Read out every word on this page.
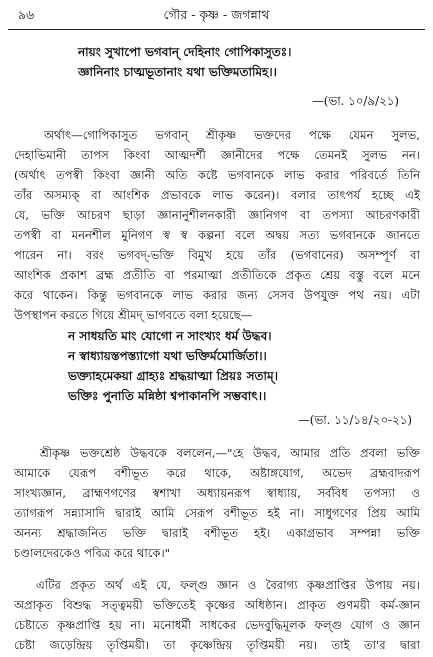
৯৬	গৌর - কৃষ্ণ - জগন্নাথ
নায়ং সুখাপো ভগবান্ দেহিনাং গোপিকাসুতঃ।
জ্ঞানিনাং চাত্মভূতানাং যথা ভক্তিমতামিহ।।
—(ভা. ১০/৯/২১)
অর্থাৎ—গোপিকাসুত ভগবান্ শ্রীকৃষ্ণ ভক্তদের পক্ষে যেমন সুলভ,
দেহাভিমানী তাপস কিংবা আত্মদর্শী জ্ঞানীদের পক্ষে তেমনই সুলভ নন।
(অর্থাৎ তপস্বী কিংবা জ্ঞানী অতি কষ্টে ভগবানকে লাভ করার পরিবর্তে তিনি
তাঁর অসম্যক্ বা আংশিক প্রভাবকে লাভ করেন)। বলার তাৎপর্য হচ্ছে এই
যে, ভক্তি আচরণ ছাড়া জ্ঞানানুশীলনকারী জ্ঞানিগণ বা তপস্যা আচরণকারী
তপস্বী বা মননশীল মুনিগণ স্ব স্ব কল্পনা বলে অদ্বয় সত্য ভগবানকে জানতে
পারেন না। বরং ভগবদ্-ভক্তি বিমুখ হয়ে তাঁর (ভগবানের) অসম্পূর্ণ বা
আংশিক প্রকাশ ব্রহ্ম প্রতীতি বা পরমাত্মা প্রতীতিকে প্রকৃত শ্রেয় বস্তু বলে মনে
করে থাকেন। কিন্তু ভগবানকে লাভ করার জন্য সেসব উপযুক্ত পথ নয়। এটা
উপস্থাপন করতে গিয়ে শ্রীমদ্ ভাগবতে বলা হয়েছে—
ন সাধয়তি মাং যোগো ন সাংখ্যং ধর্ম উদ্ধব।
ন স্বাধ্যায়স্তপস্ত্যাগো যথা ভক্তির্মমোর্জিতা।।
ভক্ত্যাহমেকয়া গ্রাহ্যঃ শ্রদ্ধয়াত্মা প্রিয়ঃ সতাম্।
ভক্তিঃ পুনাতি মন্নিষ্ঠা শ্বপাকানপি সম্ভবাৎ।।
—(ভা. ১১/১৪/২০-২১)
শ্রীকৃষ্ণ ভক্তশ্রেষ্ঠ উদ্ধবকে বললেন,—"হে উদ্ধব, আমার প্রতি প্রবলা ভক্তি
আমাকে যেরূপ বশীভূত করে থাকে, অষ্টাঙ্গযোগ, অভেদ ব্রহ্মবাদরূপ
সাংখ্যজ্ঞান, ব্রাহ্মণগণের স্বশাখা অধ্যায়নরূপ স্বাধ্যায়, সর্ববিধ তপস্যা ও
ত্যাগরূপ সন্ন্যাসাদি দ্বারাই আমি সেরূপ বশীভূত হই না। সাধুগণের প্রিয় আমি
অনন্য শ্রদ্ধাজনিত ভক্তি দ্বারাই বশীভূত হই। একাগ্রভাব সম্পন্না ভক্তি
চণ্ডালদেরকেও পবিত্র করে থাকে।"
এটির প্রকৃত অর্থ এই যে, ফল্গু জ্ঞান ও বৈরাগ্য কৃষ্ণপ্রাপ্তির উপায় নয়।
অপ্রাকৃত বিশুদ্ধ সত্ত্বময়ী ভক্তিতেই কৃষ্ণের অধিষ্ঠান। প্রাকৃত গুণময়ী কর্ম-জ্ঞান
চেষ্টাতে কৃষ্ণপ্রাপ্তি হয় না। মনোধর্মী সাধকের ভেদবুদ্ধিমূলক ফল্গু যোগ ও জ্ঞান
চেষ্টা জড়েন্দ্রিয় তৃপ্তিময়ী। তা কৃষ্ণেন্দ্রিয় তৃপ্তিময়ী নয়। তাই তা'র দ্বারা
